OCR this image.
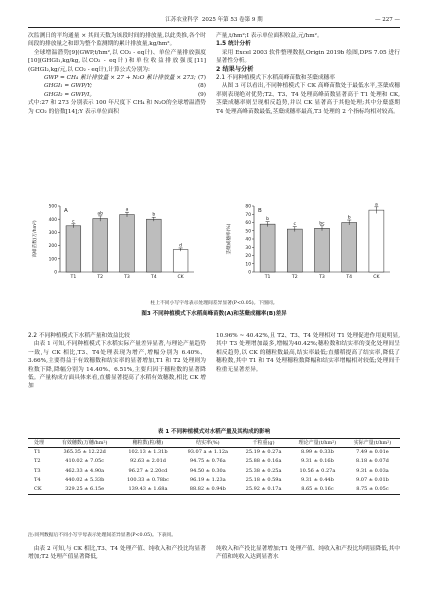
江苏农业科学 2025 年第 53 卷第 9 期	— 227 —

次监测日的平均通量 × 其间天数为该段时间的排放量,以此类推,各个时间段的排放量之和即为整个监测期的累计排放量,kg/hm²。

全球增温潜势[9](GWP,t/hm²,以 CO₂ - eq计)、单位产量排放强度[10](GHGI₁,kg/kg,以CO₂ - eq计)和单位收益排放强度[11](GHGI₂,kg/元,以 CO₂ - eq计),计算公式分别为:

GWP = CH₄ 累计排放量 × 27 + N₂O 累计排放量 × 273; (7)

GHGI₁ = GWP/Y;	(8)

GHGI₂ = GWP/I。	(9)

式中:27 和 273 分别表示 100 年尺度下 CH₄ 和 N₂O的全球增温潜势为 CO₂ 的倍数[14];Y 表示单位面积

产量,t/hm²;I 表示单位面积收益,元/hm²。

1.5 统计分析

采用 Excel 2003 软件整理数据,Origin 2019b 绘图,DPS 7.05 进行显著性分析。

2 结果与分析

2.1 不同种植模式下水稻高峰苗数和茎蘖成穗率

从图 3 可以看出,不同种植模式下 CK 高峰苗数处于最低水平,茎蘖成穗率则表现绝对优势;T2、T3、T4 处理高峰苗数显著高于 T1 处理和 CK,茎蘖成穗率则呈现相反趋势,并以 CK 显著高于其他处理;其中分蘖盛期 T4 处理高峰苗数最低,茎蘖成穗率最高,T3 处理的 2 个指标均相对较高。

高峰苗数(万/hm²)
0
100
200
300
400
500
A
c
T1
ab
T2
a
T3
b
T4
d
CK
茎蘖成穗率(%)
0
10
20
30
40
50
60
70
80
B
b
T1
c
T2
bc
T3
b
T4
a
CK
柱上不同小写字母表示处理间差异显著(P<0.05)。下图同。
图3 不同种植模式下水稻高峰苗数(A)和茎蘖成穗率(B)差异

2.2 不同种植模式下水稻产量和效益比较

由表 1 可知,不同种植模式下水稻实际产量差异显著,与理论产量趋势一致,与 CK 相比,T3、T4处理表现为增产,增幅分别为 6.40%、3.66%,主要得益于有效穗数和结实率的显著增加,T1 和 T2 处理则为粒数下降,降幅分别为 14.40%、6.51%,主要归因于穗粒数的显著降低。产量构成方面具体来看,直播显著提高了水稻有效穗数,相比 CK 增加

10.96% ~ 40.42%,且 T2、T3、T4 处理相对 T1 处理促进作用更明显,其中 T3 处理增加最多,增幅为40.42%;穗粒数和结实率的变化处理间呈相反趋势,以 CK 的穗粒数最高,结实率最低;直播稻提高了结实率,降低了穗粒数,其中 T1 和 T4 处理穗粒数降幅和结实率增幅相对较低;处理间千粒重无显著差异。

表 1 不同种植模式对水稻产量及其构成的影响
处理	有效穗数(万穗/hm²)	穗粒数(粒/穗)	结实率(%)	千粒重(g)	理论产量(t/hm²)	实际产量(t/hm²)
T1	365.35 ± 12.22d	102.13 ± 1.31b	93.07 a ± 1.12a	25.19 ± 0.27a	8.99 ± 0.33b	7.49 ± 0.01e
T2	410.02 ± 7.05c	92.63 ± 2.01d	94.75 ± 0.76a	25.88 ± 0.16a	9.31 ± 0.16b	8.18 ± 0.07d
T3	462.33 ± 4.90a	96.27 ± 2.20cd	94.50 ± 0.30a	25.38 ± 0.25a	10.56 ± 0.27a	9.31 ± 0.03a
T4	440.02 ± 5.33b	100.33 ± 0.78bc	96.19 ± 1.23a	25.18 ± 0.59a	9.31 ± 0.44b	9.07 ± 0.01b
CK	329.25 ± 6.15e	139.43 ± 1.68a	88.82 ± 0.94b	25.92 ± 0.17a	8.65 ± 0.16c	8.75 ± 0.05c
注:同列数据后不同小写字母表示处理间差异显著(P<0.05)。下表同。

由表 2 可知,与 CK 相比,T3、T4 处理产值、纯收入和产投比均显著增加;T2 处理产值显著降低,

纯收入和产投比显著增加;T1 处理产值、纯收入和产投比均明显降低,其中产值和纯收入达到显著水
